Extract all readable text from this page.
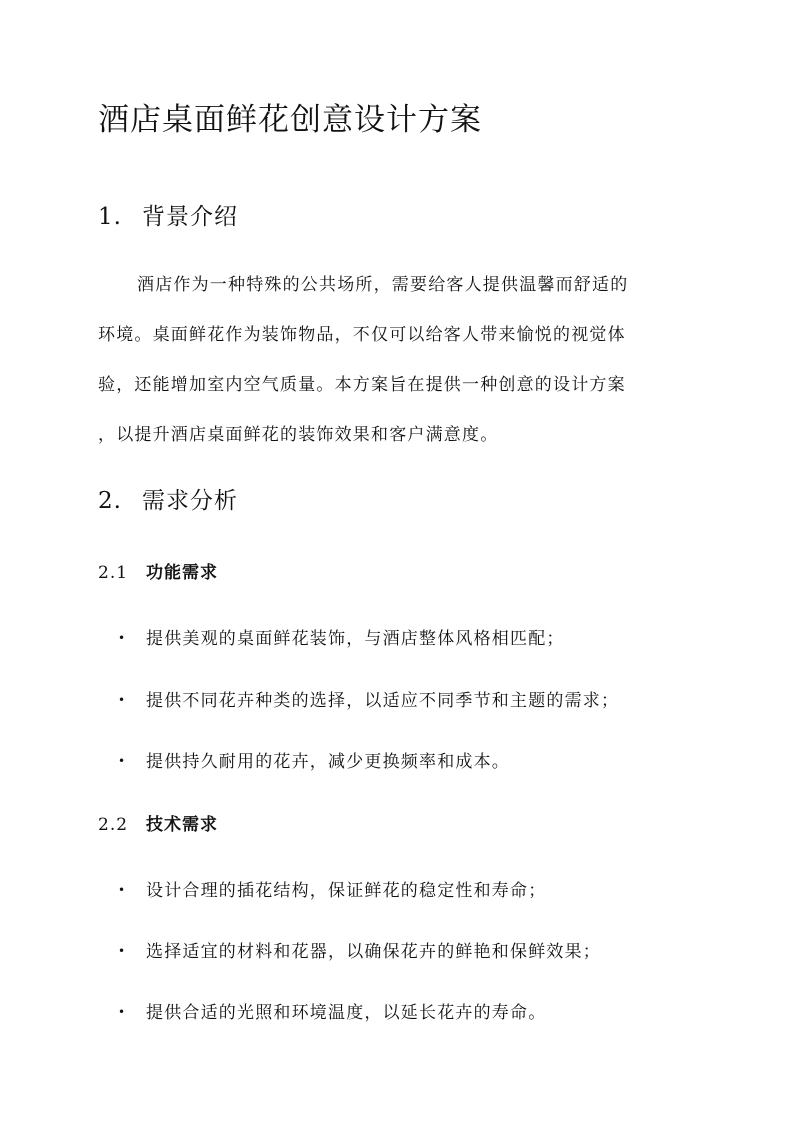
酒店桌面鲜花创意设计方案
1. 背景介绍
酒店作为一种特殊的公共场所，需要给客人提供温馨而舒适的
环境。桌面鲜花作为装饰物品，不仅可以给客人带来愉悦的视觉体
验，还能增加室内空气质量。本方案旨在提供一种创意的设计方案
，以提升酒店桌面鲜花的装饰效果和客户满意度。
2. 需求分析
2.1 功能需求
• 提供美观的桌面鲜花装饰，与酒店整体风格相匹配；
• 提供不同花卉种类的选择，以适应不同季节和主题的需求；
• 提供持久耐用的花卉，减少更换频率和成本。
2.2 技术需求
• 设计合理的插花结构，保证鲜花的稳定性和寿命；
• 选择适宜的材料和花器，以确保花卉的鲜艳和保鲜效果；
• 提供合适的光照和环境温度，以延长花卉的寿命。
